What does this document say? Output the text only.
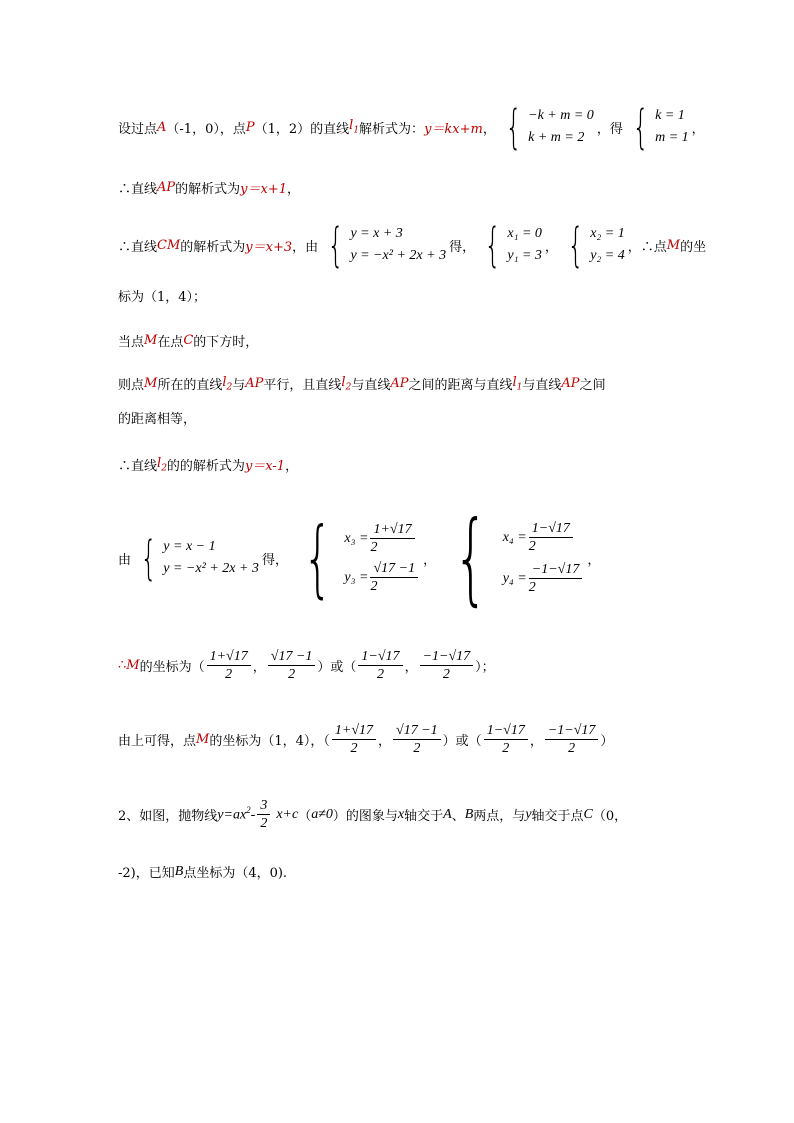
设过点 A （-1，0），点 P （1，2）的直线 $l_1$ 解析式为： y＝kx+m ， { −k + m = 0
k + m = 2
，得 { k = 1
m = 1
，
∴直线 AP 的解析式为 y＝x+1 ，
∴直线 CM 的解析式为 y＝x+3 ，由 { y = x + 3
y = −x² + 2x + 3
得， { x₁ = 0
y₁ = 3
， { x₂ = 1
y₂ = 4
，∴点 M 的坐
标为（1，4）；
当点 M 在点 C 的下方时，
则点 M 所在的直线 $l_2$ 与 AP 平行，且直线 $l_2$ 与直线 AP 之间的距离与直线 $l_1$ 与直线 AP 之间
的距离相等，
∴直线 $l_2$ 的的解析式为 y＝x-1 ，
由 { y = x − 1
y = −x² + 2x + 3
得， { $x_3 = \frac{1+√17}{2}$
$y_3 = \frac{√17 -1}{2}$ ， { $x_4 = \frac{1-√17}{2}$
$y_4 = \frac{-1-√17}{2}$
，
∴ M 的坐标为（ $\frac{1+√17}{2}$ ， $\frac{√17 -1}{2}$ ）或（ $\frac{1-√17}{2}$ ， $\frac{-1-√17}{2}$ ）；
由上可得，点 M 的坐标为（1，4），（ $\frac{1+√17}{2}$ ， $\frac{√17 -1}{2}$ ）或（ $\frac{1-√17}{2}$ ， $\frac{-1-√17}{2}$ ）
2、如图，抛物线 $y=ax^2- \frac{3}{2} x+c$ （ a≠0 ）的图象与 x 轴交于 A 、 B 两点，与 y 轴交于点 C （0，
-2)，已知 B 点坐标为（4，0).
